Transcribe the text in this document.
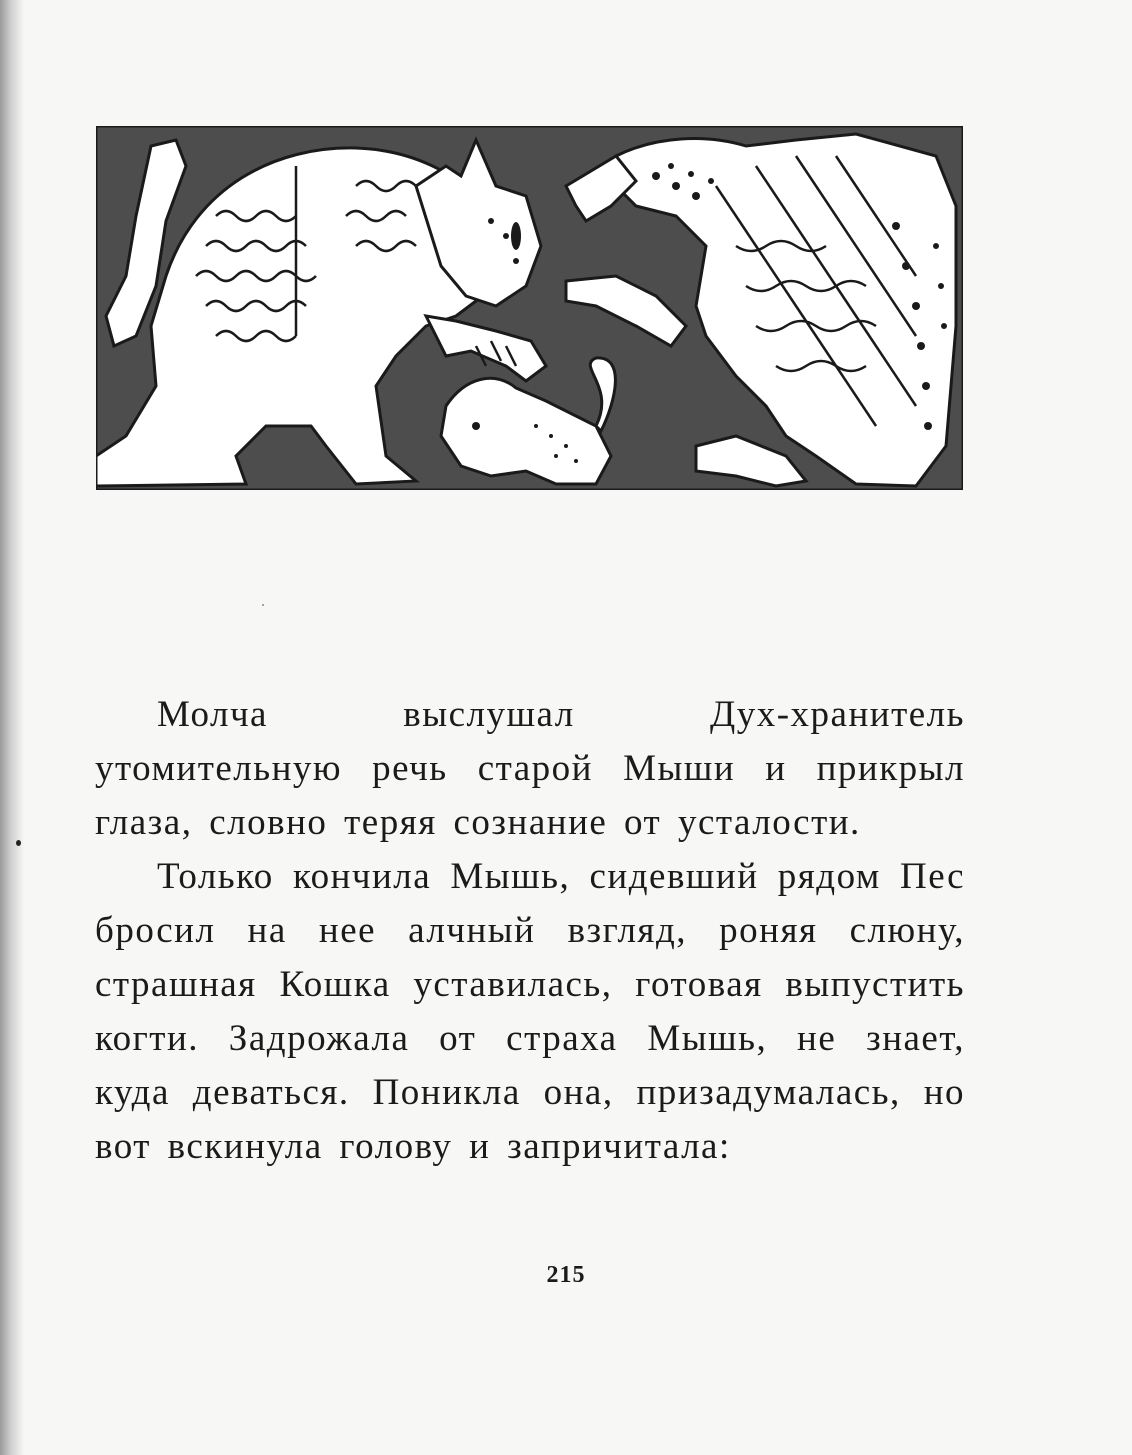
Молча выслушал Дух-хранитель утомительную речь старой Мыши и прикрыл глаза, словно теряя сознание от усталости.

Только кончила Мышь, сидевший рядом Пес бросил на нее алчный взгляд, роняя слюну, страшная Кошка уставилась, готовая выпустить когти. Задрожала от страха Мышь, не знает, куда деваться. Поникла она, призадумалась, но вот вскинула голову и запричитала:

215
